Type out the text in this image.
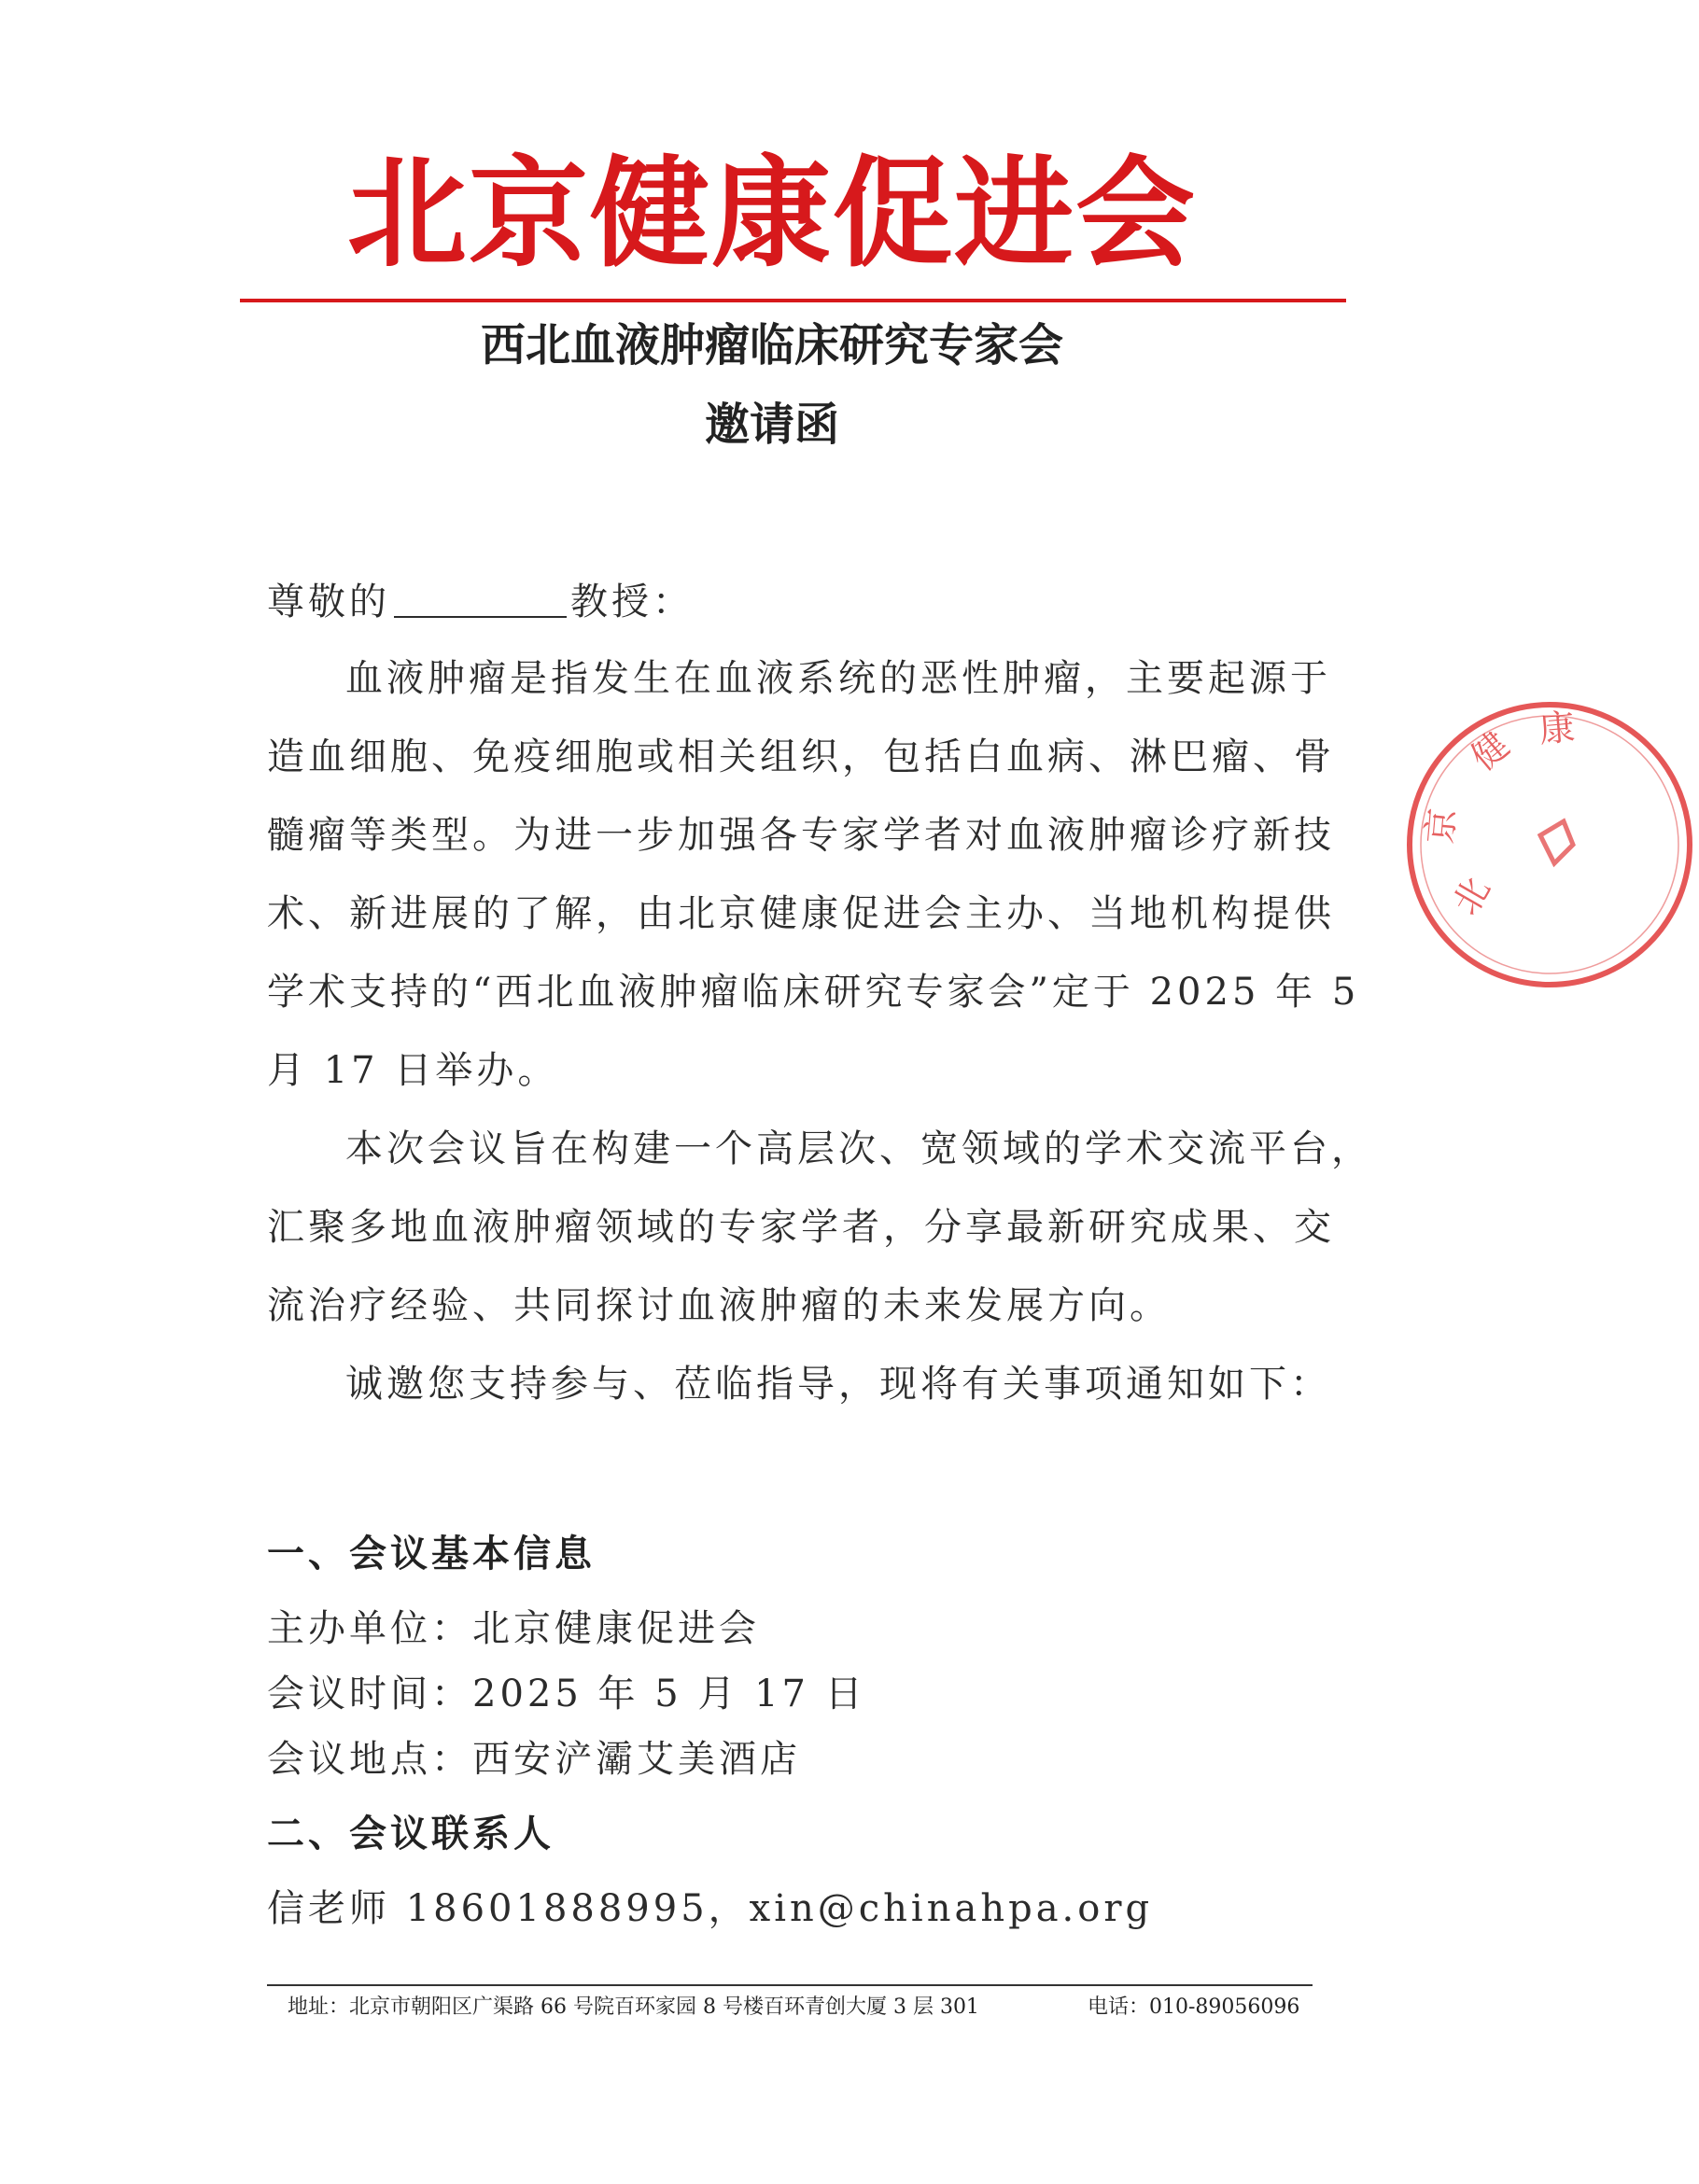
北京健康促进会
西北血液肿瘤临床研究专家会
邀请函
尊敬的	教授：
血液肿瘤是指发生在血液系统的恶性肿瘤，主要起源于
造血细胞、免疫细胞或相关组织，包括白血病、淋巴瘤、骨
髓瘤等类型。为进一步加强各专家学者对血液肿瘤诊疗新技
术、新进展的了解，由北京健康促进会主办、当地机构提供
学术支持的“西北血液肿瘤临床研究专家会”定于 2025 年 5
月 17 日举办。
本次会议旨在构建一个高层次、宽领域的学术交流平台，
汇聚多地血液肿瘤领域的专家学者，分享最新研究成果、交
流治疗经验、共同探讨血液肿瘤的未来发展方向。
诚邀您支持参与、莅临指导，现将有关事项通知如下：
一、会议基本信息
主办单位：北京健康促进会
会议时间：2025 年 5 月 17 日
会议地点：西安浐灞艾美酒店
二、会议联系人
信老师 18601888995，xin@chinahpa.org
北
京
健 康
地址：北京市朝阳区广渠路 66 号院百环家园 8 号楼百环青创大厦 3 层 301	电话：010-89056096
